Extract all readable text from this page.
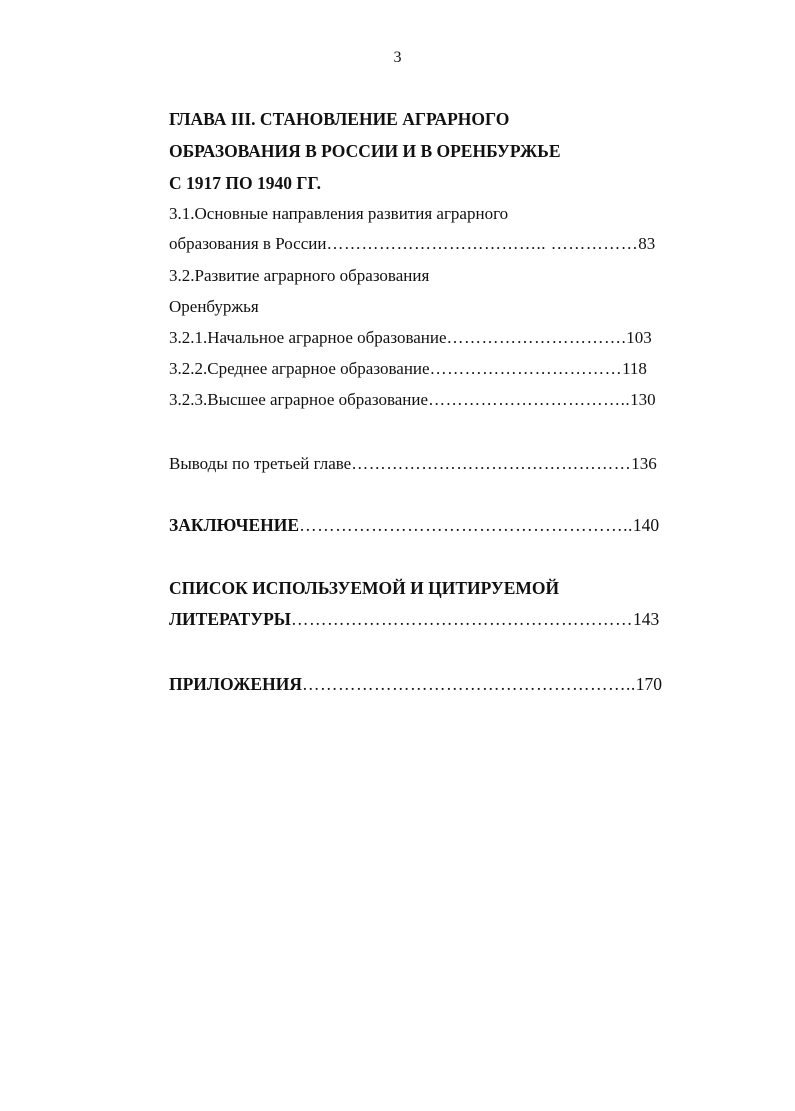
3
ГЛАВА III. СТАНОВЛЕНИЕ АГРАРНОГО
ОБРАЗОВАНИЯ В РОССИИ И В ОРЕНБУРЖЬЕ
С 1917 ПО 1940 ГГ.
3.1.Основные направления развития аграрного
образования в России ……………………………….. …………… 83
3.2.Развитие аграрного образования
Оренбуржья
3.2.1.Начальное аграрное образование …………………………. 103
3.2.2.Среднее аграрное образование …………………………… 118
3.2.3.Высшее аграрное образование …………………………….. 130
Выводы по третьей главе ………………………………………… 136
ЗАКЛЮЧЕНИЕ ……………………………………………….. 140
СПИСОК ИСПОЛЬЗУЕМОЙ И ЦИТИРУЕМОЙ
ЛИТЕРАТУРЫ ………………………………………………… 143
ПРИЛОЖЕНИЯ ……………………………………………….. 170
